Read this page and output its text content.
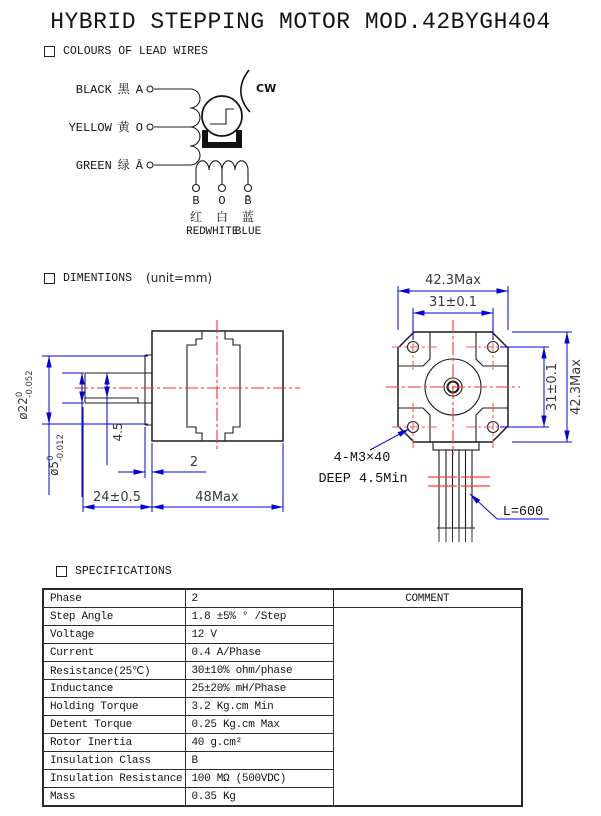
HYBRID STEPPING MOTOR MOD.42BYGH404
COLOURS OF LEAD WIRES
BLACK 黑 A
YELLOW 黄 O
GREEN 绿 Ā
CW
B O B̄
红 白 蓝
RED WHITE
BLUE
DIMENTIONS (unit=mm)
$ø22^0-0.052$
$ø5^0-0.012$
4.5
2
24±0.5	48Max
42.3Max
31±0.1
31±0.1 42.3Max
4-M3×40
DEEP 4.5Min
L=600
SPECIFICATIONS
Phase	2	COMMENT
Step Angle	1.8 ±5% ° /Step	
Voltage	12 V	
Current	0.4 A/Phase	
Resistance(25℃)	30±10% ohm/phase	
Inductance	25±20% mH/Phase	
Holding Torque	3.2 Kg.cm Min	
Detent Torque	0.25 Kg.cm Max	
Rotor Inertia	40 g.cm²	
Insulation Class	B	
Insulation Resistance	100 MΩ (500VDC)	
Mass	0.35 Kg	
